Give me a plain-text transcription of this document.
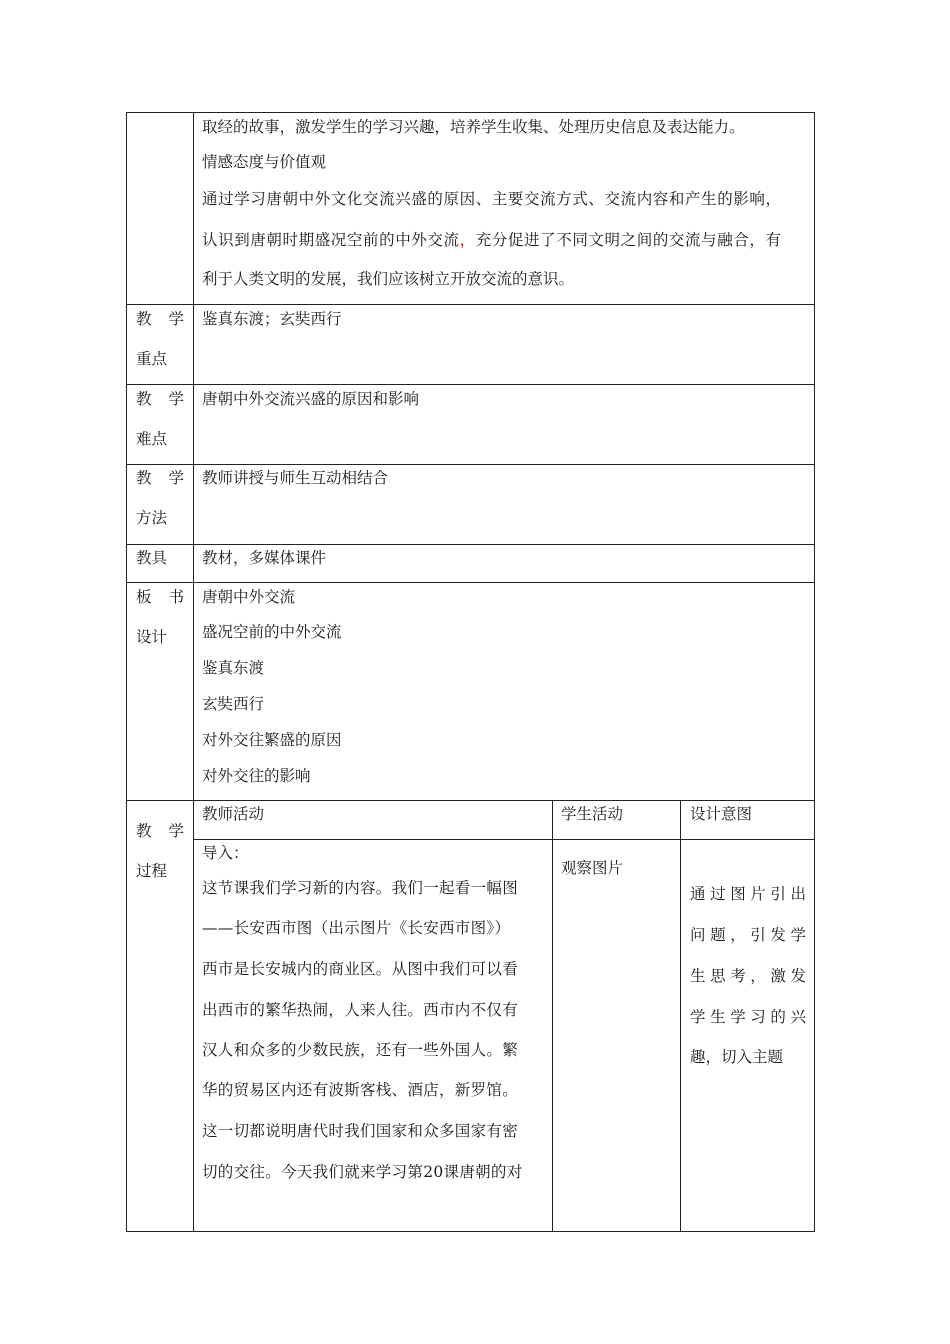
取经的故事，激发学生的学习兴趣，培养学生收集、处理历史信息及表达能力。
情感态度与价值观
通过学习唐朝中外文化交流兴盛的原因、主要交流方式、交流内容和产生的影响，
认识到唐朝时期盛况空前的中外交流，充分促进了不同文明之间的交流与融合，有
利于人类文明的发展，我们应该树立开放交流的意识。
教 学
重点
鉴真东渡；玄奘西行
教 学
难点
唐朝中外交流兴盛的原因和影响
教 学
方法
教师讲授与师生互动相结合
教具 教材，多媒体课件
板 书
设计
唐朝中外交流
盛况空前的中外交流
鉴真东渡
玄奘西行
对外交往繁盛的原因
对外交往的影响
教 学
过程
教师活动	学生活动	设计意图
导入：
这节课我们学习新的内容。我们一起看一幅图
——长安西市图（出示图片《长安西市图》）
西市是长安城内的商业区。从图中我们可以看
出西市的繁华热闹，人来人往。西市内不仅有
汉人和众多的少数民族，还有一些外国人。繁
华的贸易区内还有波斯客栈、酒店，新罗馆。
这一切都说明唐代时我们国家和众多国家有密
切的交往。今天我们就来学习第20课唐朝的对
观察图片
通 过 图 片 引 出
问 题 ， 引 发 学
生 思 考 ， 激 发
学 生 学 习 的 兴
趣，切入主题
